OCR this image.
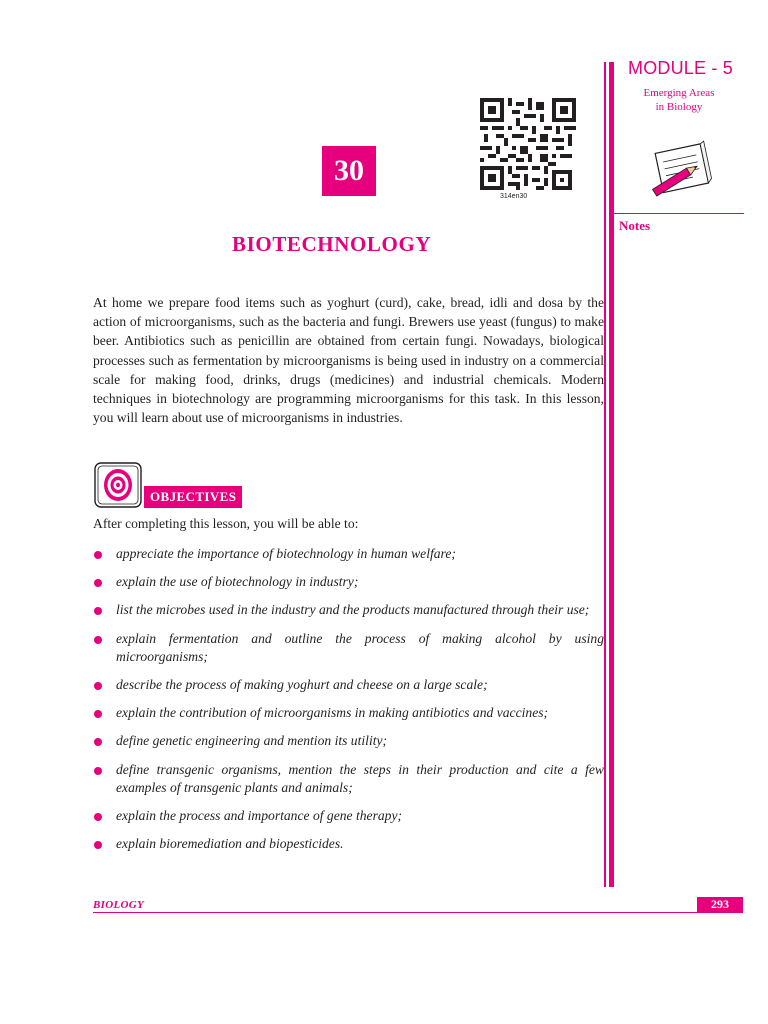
MODULE - 5
Emerging Areas
in Biology
Notes
30
314en30
BIOTECHNOLOGY

At home we prepare food items such as yoghurt (curd), cake, bread, idli and dosa by the action of microorganisms, such as the bacteria and fungi. Brewers use yeast (fungus) to make beer. Antibiotics such as penicillin are obtained from certain fungi. Nowadays, biological processes such as fermentation by microorganisms is being used in industry on a commercial scale for making food, drinks, drugs (medicines) and industrial chemicals. Modern techniques in biotechnology are programming microorganisms for this task. In this lesson, you will learn about use of microorganisms in industries.

OBJECTIVES
After completing this lesson, you will be able to:
appreciate the importance of biotechnology in human welfare;
explain the use of biotechnology in industry;
list the microbes used in the industry and the products manufactured through their use;
explain fermentation and outline the process of making alcohol by using microorganisms;
describe the process of making yoghurt and cheese on a large scale;
explain the contribution of microorganisms in making antibiotics and vaccines;
define genetic engineering and mention its utility;
define transgenic organisms, mention the steps in their production and cite a few examples of transgenic plants and animals;
explain the process and importance of gene therapy;
explain bioremediation and biopesticides.
BIOLOGY	293
